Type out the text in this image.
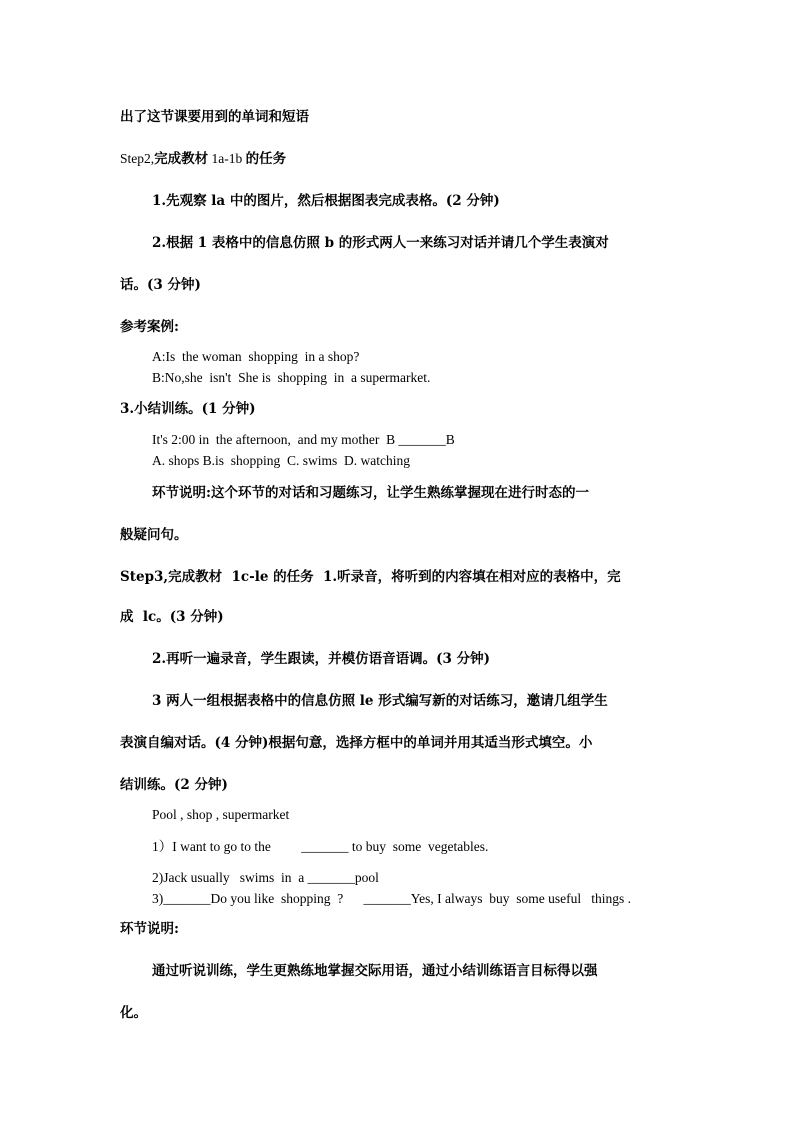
出了这节课要用到的单词和短语
Step2,完成教材 1a-1b 的任务
1.先观察 la 中的图片，然后根据图表完成表格。(2 分钟)
2.根据 1 表格中的信息仿照 b 的形式两人一来练习对话并请几个学生表演对
话。(3 分钟)
参考案例:
A:Is  the woman  shopping  in a shop?
B:No,she  isn't  She is  shopping  in  a supermarket.
3.小结训练。(1 分钟)
It's 2:00 in  the afternoon,  and my mother  B _______B
A. shops B.is  shopping  C. swims  D. watching
环节说明:这个环节的对话和习题练习，让学生熟练掌握现在进行时态的一
般疑问句。
Step3,完成教材  1c-le 的任务  1.听录音，将听到的内容填在相对应的表格中，完
成  lc。(3 分钟)
2.再听一遍录音，学生跟读，并模仿语音语调。(3 分钟)
3 两人一组根据表格中的信息仿照 le 形式编写新的对话练习，邀请几组学生
表演自编对话。(4 分钟)根据句意，选择方框中的单词并用其适当形式填空。小
结训练。(2 分钟)
Pool , shop , supermarket
1）I want to go to the         _______ to buy  some  vegetables.
2)Jack usually   swims  in  a _______pool
3)_______Do you like  shopping  ?      _______Yes, I always  buy  some useful   things .
环节说明:
通过听说训练，学生更熟练地掌握交际用语，通过小结训练语言目标得以强
化。
